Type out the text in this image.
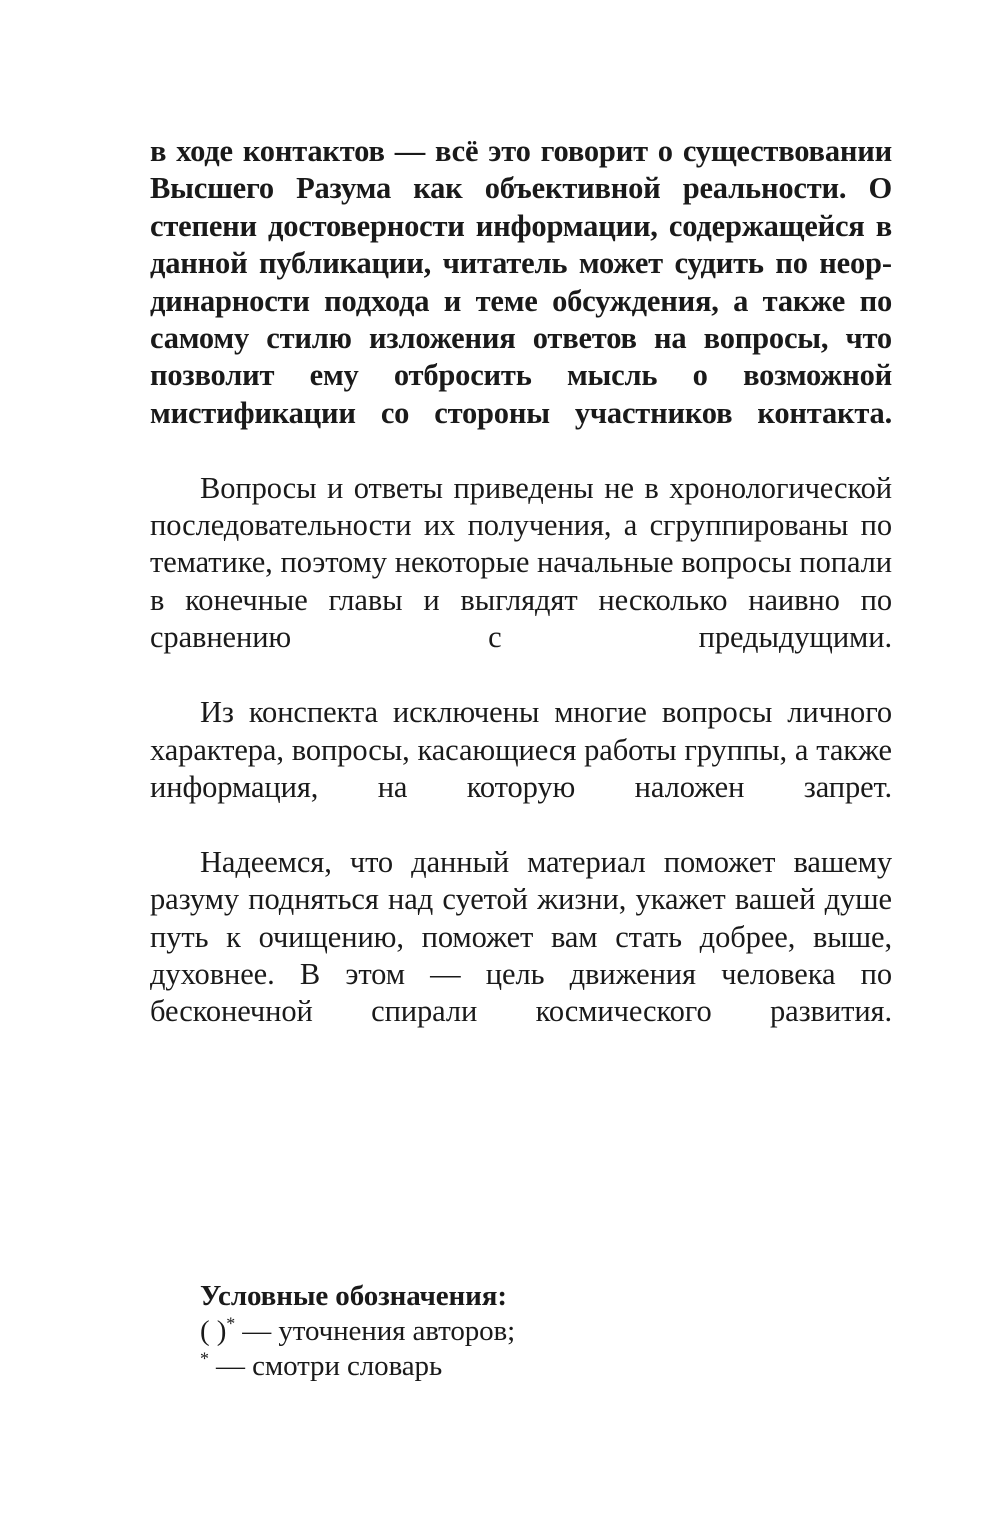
в ходе контактов — всё это говорит о существовании Высшего Разума как объективной реальности. О степени достоверности информации, содержащейся в данной публикации, читатель может судить по неординарности подхода и теме обсуждения, а также по самому стилю изложения ответов на вопросы, что позволит ему отбросить мысль о возможной мистификации со стороны участников контакта.

Вопросы и ответы приведены не в хронологической последовательности их получения, а сгруппированы по тематике, поэтому некоторые начальные вопросы попали в конечные главы и выглядят несколько наивно по сравнению с предыдущими.

Из конспекта исключены многие вопросы личного характера, вопросы, касающиеся работы группы, а также информация, на которую наложен запрет.

Надеемся, что данный материал поможет вашему разуму подняться над суетой жизни, укажет вашей душе путь к очищению, поможет вам стать добрее, выше, духовнее. В этом — цель движения человека по бесконечной спирали космического развития.

Условные обозначения:

( )* — уточнения авторов;

* — смотри словарь
